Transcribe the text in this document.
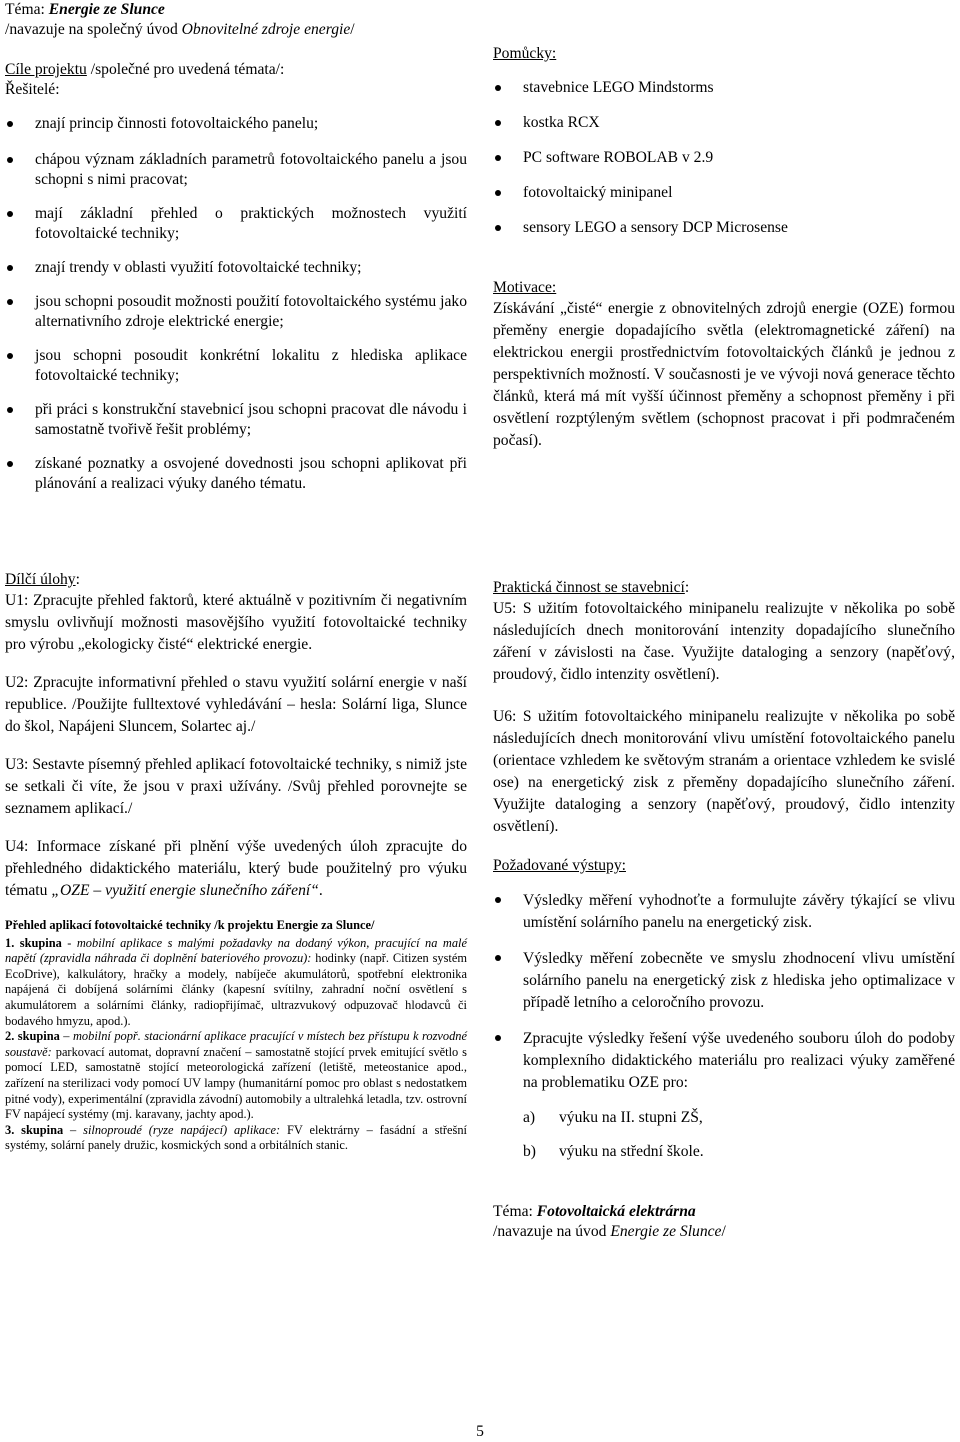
Téma: Energie ze Slunce
/navazuje na společný úvod Obnovitelné zdroje energie/
Cíle projektu /společné pro uvedená témata/:
Řešitelé:
znají princip činnosti fotovoltaického panelu;
chápou význam základních parametrů fotovoltaického panelu a jsou schopni s nimi pracovat;
mají základní přehled o praktických možnostech využití fotovoltaické techniky;
znají trendy v oblasti využití fotovoltaické techniky;
jsou schopni posoudit možnosti použití fotovoltaického systému jako alternativního zdroje elektrické energie;
jsou schopni posoudit konkrétní lokalitu z hlediska aplikace fotovoltaické techniky;
při práci s konstrukční stavebnicí jsou schopni pracovat dle návodu i samostatně tvořivě řešit problémy;
získané poznatky a osvojené dovednosti jsou schopni aplikovat při plánování a realizaci výuky daného tématu.
Pomůcky:
stavebnice LEGO Mindstorms
kostka RCX
PC software ROBOLAB v 2.9
fotovoltaický minipanel
sensory LEGO a sensory DCP Microsense
Motivace:
Získávání „čisté“ energie z obnovitelných zdrojů energie (OZE) formou přeměny energie dopadajícího světla (elektromagnetické záření) na elektrickou energii prostřednictvím fotovoltaických článků je jednou z perspektivních možností. V současnosti je ve vývoji nová generace těchto článků, která má mít vyšší účinnost přeměny a schopnost přeměny i při osvětlení rozptýleným světlem (schopnost pracovat i při podmračeném počasí).
Dílčí úlohy:
U1: Zpracujte přehled faktorů, které aktuálně v pozitivním či negativním smyslu ovlivňují možnosti masovějšího využití fotovoltaické techniky pro výrobu „ekologicky čisté“ elektrické energie.
U2: Zpracujte informativní přehled o stavu využití solární energie v naší republice. /Použijte fulltextové vyhledávání – hesla: Solární liga, Slunce do škol, Napájeni Sluncem, Solartec aj./
U3: Sestavte písemný přehled aplikací fotovoltaické techniky, s nimiž jste se setkali či víte, že jsou v praxi užívány. /Svůj přehled porovnejte se seznamem aplikací./
U4: Informace získané při plnění výše uvedených úloh zpracujte do přehledného didaktického materiálu, který bude použitelný pro výuku tématu „OZE – využití energie slunečního záření“.

Přehled aplikací fotovoltaické techniky /k projektu Energie za Slunce/

1. skupina - mobilní aplikace s malými požadavky na dodaný výkon, pracující na malé napětí (zpravidla náhrada či doplnění bateriového provozu): hodinky (např. Citizen systém EcoDrive), kalkulátory, hračky a modely, nabíječe akumulátorů, spotřební elektronika napájená či dobíjená solárními články (kapesní svítilny, zahradní noční osvětlení s akumulátorem a solárními články, radiopřijímač, ultrazvukový odpuzovač hlodavců či bodavého hmyzu, apod.).

2. skupina – mobilní popř. stacionární aplikace pracující v místech bez přístupu k rozvodné soustavě: parkovací automat, dopravní značení – samostatně stojící prvek emitující světlo s pomocí LED, samostatně stojící meteorologická zařízení (letiště, meteostanice apod., zařízení na sterilizaci vody pomocí UV lampy (humanitární pomoc pro oblast s nedostatkem pitné vody), experimentální (zpravidla závodní) automobily a ultralehká letadla, tzv. ostrovní FV napájecí systémy (mj. karavany, jachty apod.).

3. skupina – silnoproudé (ryze napájecí) aplikace: FV elektrárny – fasádní a střešní systémy, solární panely družic, kosmických sond a orbitálních stanic.

Praktická činnost se stavebnicí:
U5: S užitím fotovoltaického minipanelu realizujte v několika po sobě následujících dnech monitorování intenzity dopadajícího slunečního záření v závislosti na čase. Využijte dataloging a senzory (napěťový, proudový, čidlo intenzity osvětlení).
U6: S užitím fotovoltaického minipanelu realizujte v několika po sobě následujících dnech monitorování vlivu umístění fotovoltaického panelu (orientace vzhledem ke světovým stranám a orientace vzhledem ke svislé ose) na energetický zisk z přeměny dopadajícího slunečního záření. Využijte dataloging a senzory (napěťový, proudový, čidlo intenzity osvětlení).
Požadované výstupy:
Výsledky měření vyhodnoťte a formulujte závěry týkající se vlivu umístění solárního panelu na energetický zisk.
Výsledky měření zobecněte ve smyslu zhodnocení vlivu umístění solárního panelu na energetický zisk z hlediska jeho optimalizace v případě letního a celoročního provozu.
Zpracujte výsledky řešení výše uvedeného souboru úloh do podoby komplexního didaktického materiálu pro realizaci výuky zaměřené na problematiku OZE pro:
a) výuku na II. stupni ZŠ,
b) výuku na střední škole.
Téma: Fotovoltaická elektrárna
/navazuje na úvod Energie ze Slunce/
5
